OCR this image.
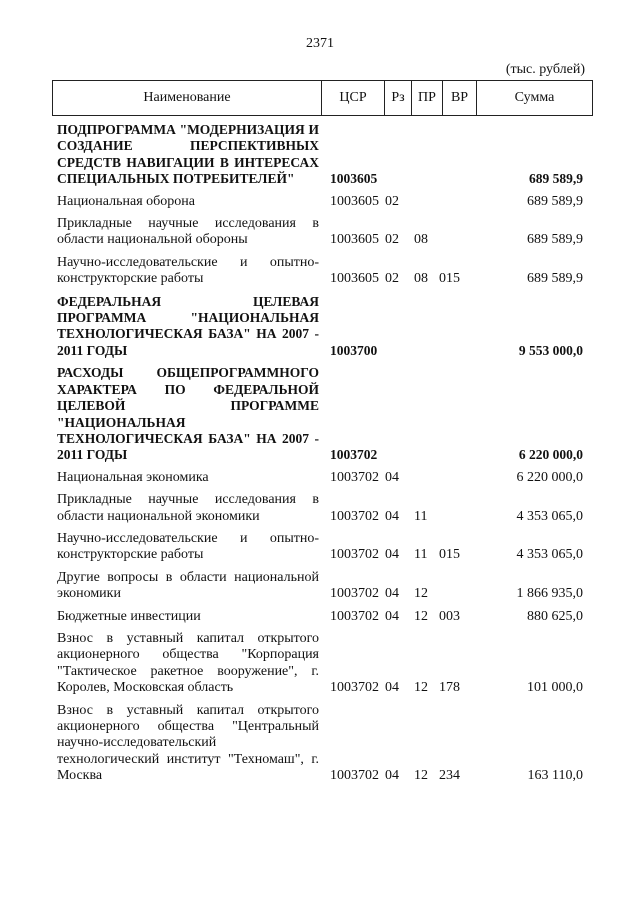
2371
(тыс. рублей)
Наименование	ЦСР	Рз	ПР	ВР	Сумма
ПОДПРОГРАММА "МОДЕРНИЗАЦИЯ И СОЗДАНИЕ ПЕРСПЕКТИВНЫХ СРЕДСТВ НАВИГАЦИИ В ИНТЕРЕСАХ СПЕЦИАЛЬНЫХ ПОТРЕБИТЕЛЕЙ"	1003605	689 589,9
Национальная оборона	1003605 02	689 589,9
Прикладные научные исследования в области национальной обороны	1003605 02	08	689 589,9
Научно-исследовательские и опытно-конструкторские работы	1003605 02	08 015	689 589,9
ФЕДЕРАЛЬНАЯ ЦЕЛЕВАЯ ПРОГРАММА "НАЦИОНАЛЬНАЯ ТЕХНОЛОГИЧЕСКАЯ БАЗА" НА 2007 - 2011 ГОДЫ	1003700	9 553 000,0
РАСХОДЫ ОБЩЕПРОГРАММНОГО ХАРАКТЕРА ПО ФЕДЕРАЛЬНОЙ ЦЕЛЕВОЙ ПРОГРАММЕ "НАЦИОНАЛЬНАЯ ТЕХНОЛОГИЧЕСКАЯ БАЗА" НА 2007 - 2011 ГОДЫ	1003702	6 220 000,0
Национальная экономика	1003702 04	6 220 000,0
Прикладные научные исследования в области национальной экономики	1003702 04	11	4 353 065,0
Научно-исследовательские и опытно-конструкторские работы	1003702 04	11 015	4 353 065,0
Другие вопросы в области национальной экономики	1003702 04	12	1 866 935,0
Бюджетные инвестиции	1003702 04	12 003	880 625,0
Взнос в уставный капитал открытого акционерного общества "Корпорация "Тактическое ракетное вооружение", г. Королев, Московская область	1003702 04	12 178	101 000,0
Взнос в уставный капитал открытого акционерного общества "Центральный научно-исследовательский технологический институт "Техномаш", г. Москва	1003702 04	12 234	163 110,0
